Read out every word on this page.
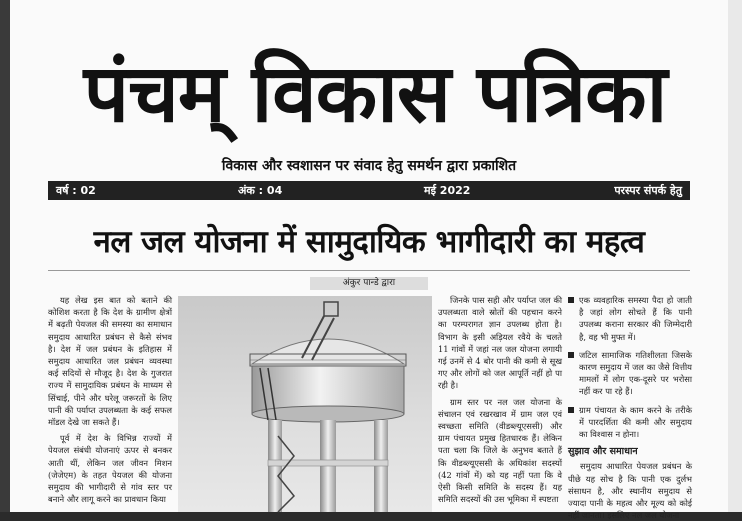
पंचम् विकास पत्रिका
विकास और स्वशासन पर संवाद हेतु समर्थन द्वारा प्रकाशित
वर्ष : 02	अंक : 04	मई 2022	परस्पर संपर्क हेतु
नल जल योजना में सामुदायिक भागीदारी का महत्व
अंकुर पान्डे द्वारा

यह लेख इस बात को बताने की कोशिश करता है कि देश के ग्रामीण क्षेत्रों में बढ़ती पेयजल की समस्या का समाधान समुदाय आधारित प्रबंधन से कैसे संभव है। देश में जल प्रबंधन के इतिहास में समुदाय आधारित जल प्रबंधन व्यवस्था कई सदियों से मौजूद है। देश के गुजरात राज्य में सामुदायिक प्रबंधन के माध्यम से सिंचाई, पीने और घरेलू जरूरतों के लिए पानी की पर्याप्त उपलब्धता के कई सफल मॉडल देखे जा सकते हैं।

पूर्व में देश के विभिन्न राज्यों में पेयजल संबंधी योजनाएं ऊपर से बनकर आती थीं, लेकिन जल जीवन मिशन (जेजेएम) के तहत पेयजल की योजना समुदाय की भागीदारी से गांव स्तर पर बनाने और लागू करने का प्रावधान किया

जिनके पास सही और पर्याप्त जल की उपलब्धता वाले स्रोतों की पहचान करने का परम्परागत ज्ञान उपलब्ध होता है। विभाग के इसी अड़ियल रवैये के चलते 11 गांवों में जहां नल जल योजना लगायी गई उनमें से 4 बोर पानी की कमी से सूख गए और लोगों को जल आपूर्ति नहीं हो पा रही है।

ग्राम स्तर पर नल जल योजना के संचालन एवं रखरखाव में ग्राम जल एवं स्वच्छता समिति (वीडब्ल्यूएससी) और ग्राम पंचायत प्रमुख हितधारक हैं। लेकिन पता चला कि जिले के अनुभव बताते हैं कि वीडब्ल्यूएससी के अधिकांश सदस्यों (42 गांवों में) को यह नहीं पता कि वे ऐसी किसी समिति के सदस्य हैं। यह समिति सदस्यों की उस भूमिका में स्पष्टता

एक व्यवहारिक समस्या पैदा हो जाती है जहां लोग सोचते हैं कि पानी उपलब्ध कराना सरकार की जिम्मेदारी है, वह भी मुफ्त में।
जटिल सामाजिक गतिशीलता जिसके कारण समुदाय में जल का जैसे वित्तीय मामलों में लोग एक-दूसरे पर भरोसा नहीं कर पा रहे हैं।
ग्राम पंचायत के काम करने के तरीके में पारदर्शिता की कमी और समुदाय का विश्वास न होना।
सुझाव और समाधान

समुदाय आधारित पेयजल प्रबंधन के पीछे यह सोच है कि पानी एक दुर्लभ संसाधन है, और स्थानीय समुदाय से ज्यादा पानी के महत्व और मूल्य को कोई नहीं जानता। इसलिए नल जल योजना
